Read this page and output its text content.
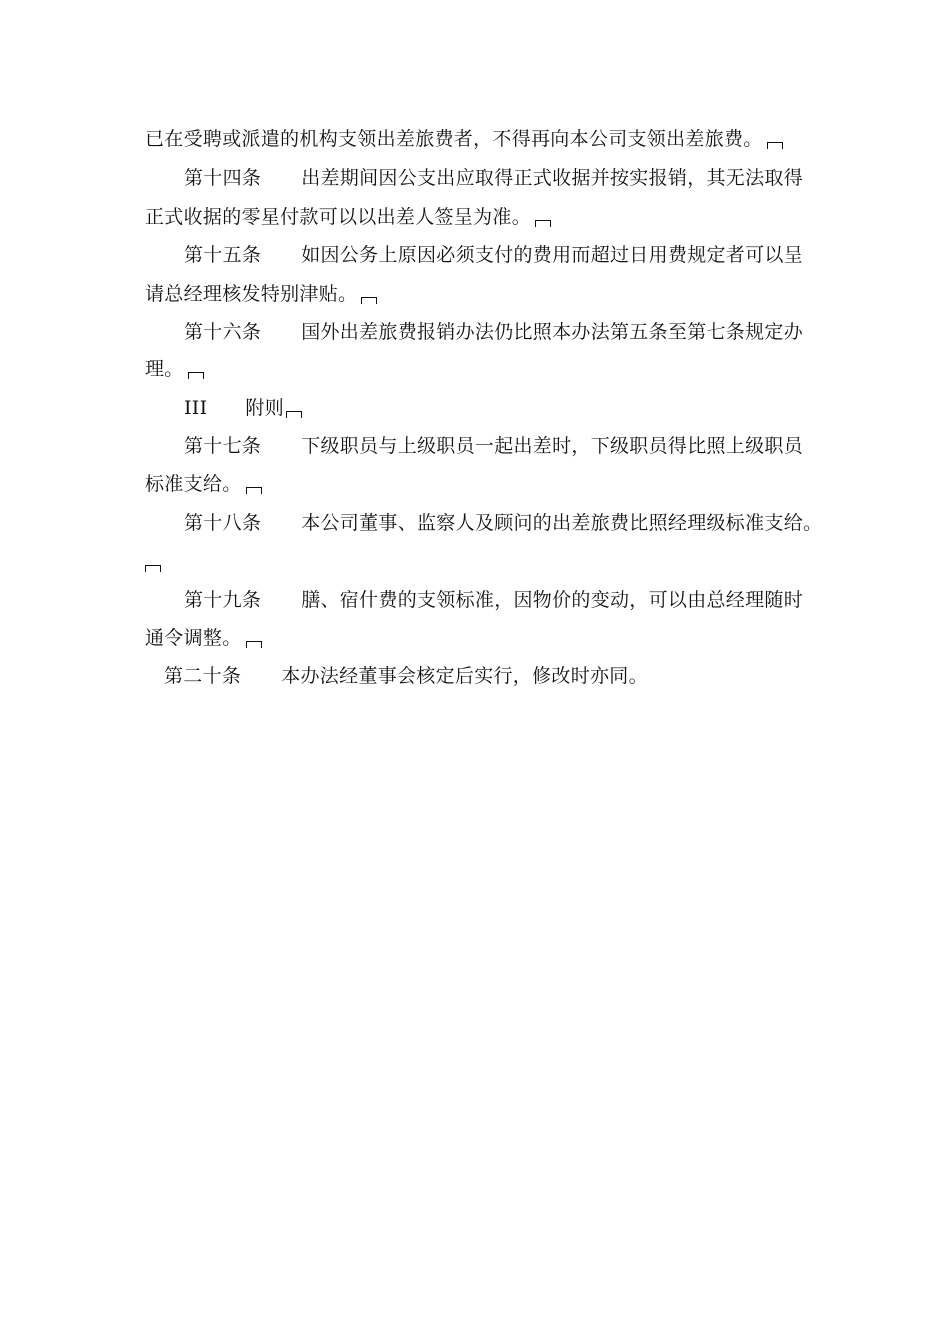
已在受聘或派遣的机构支领出差旅费者，不得再向本公司支领出差旅费。
第十四条 出差期间因公支出应取得正式收据并按实报销，其无法取得
正式收据的零星付款可以以出差人签呈为准。
第十五条 如因公务上原因必须支付的费用而超过日用费规定者可以呈
请总经理核发特别津贴。
第十六条 国外出差旅费报销办法仍比照本办法第五条至第七条规定办
理。
III 附则
第十七条 下级职员与上级职员一起出差时，下级职员得比照上级职员
标准支给。
第十八条 本公司董事、监察人及顾问的出差旅费比照经理级标准支给。
第十九条 膳、宿什费的支领标准，因物价的变动，可以由总经理随时
通令调整。
第二十条 本办法经董事会核定后实行，修改时亦同。
